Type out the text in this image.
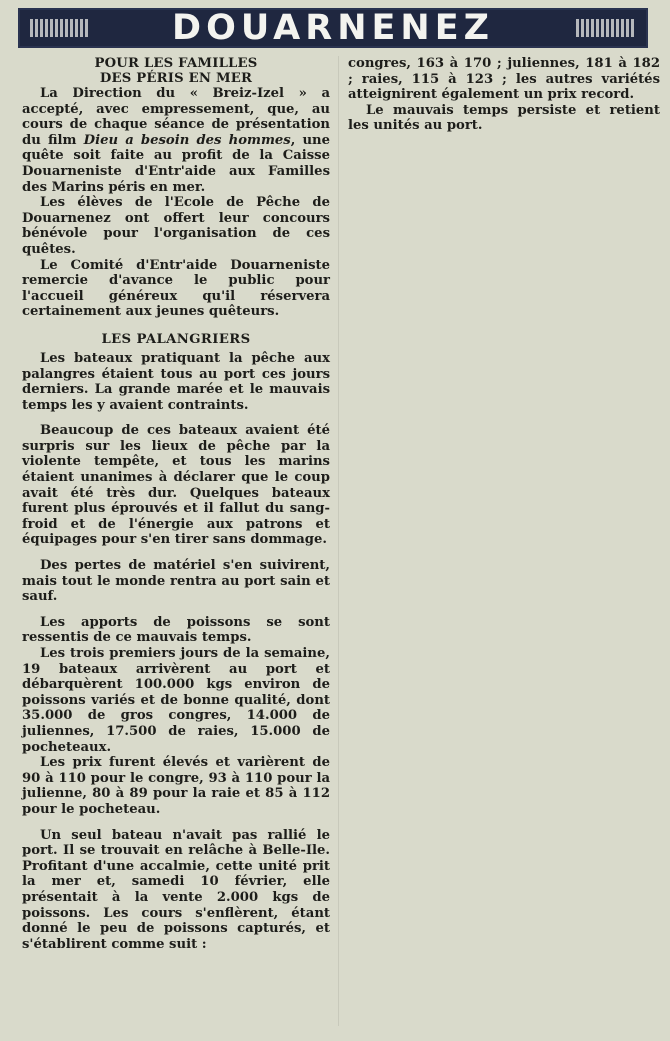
DOUARNENEZ
POUR LES FAMILLES
DES PÉRIS EN MER

La Direction du « Breiz-Izel » a accepté, avec empressement, que, au cours de chaque séance de présentation du film Dieu a besoin des hommes, une quête soit faite au profit de la Caisse Douarneniste d'Entr'aide aux Familles des Marins péris en mer.

Les élèves de l'Ecole de Pêche de Douarnenez ont offert leur concours bénévole pour l'organisation de ces quêtes.

Le Comité d'Entr'aide Douarneniste remercie d'avance le public pour l'accueil généreux qu'il réservera certainement aux jeunes quêteurs.

LES PALANGRIERS

Les bateaux pratiquant la pêche aux palangres étaient tous au port ces jours derniers. La grande marée et le mauvais temps les y avaient contraints.

Beaucoup de ces bateaux avaient été surpris sur les lieux de pêche par la violente tempête, et tous les marins étaient unanimes à déclarer que le coup avait été très dur. Quelques bateaux furent plus éprouvés et il fallut du sang-froid et de l'énergie aux patrons et équipages pour s'en tirer sans dommage.

Des pertes de matériel s'en suivirent, mais tout le monde rentra au port sain et sauf.

Les apports de poissons se sont ressentis de ce mauvais temps.

Les trois premiers jours de la semaine, 19 bateaux arrivèrent au port et débarquèrent 100.000 kgs environ de poissons variés et de bonne qualité, dont 35.000 de gros congres, 14.000 de juliennes, 17.500 de raies, 15.000 de pocheteaux.

Les prix furent élevés et varièrent de 90 à 110 pour le congre, 93 à 110 pour la julienne, 80 à 89 pour la raie et 85 à 112 pour le pocheteau.

Un seul bateau n'avait pas rallié le port. Il se trouvait en relâche à Belle-Ile. Profitant d'une accalmie, cette unité prit la mer et, samedi 10 février, elle présentait à la vente 2.000 kgs de poissons. Les cours s'enflèrent, étant donné le peu de poissons capturés, et s'établirent comme suit :

congres, 163 à 170 ; juliennes, 181 à 182 ; raies, 115 à 123 ; les autres variétés atteignirent également un prix record.

Le mauvais temps persiste et retient les unités au port.
